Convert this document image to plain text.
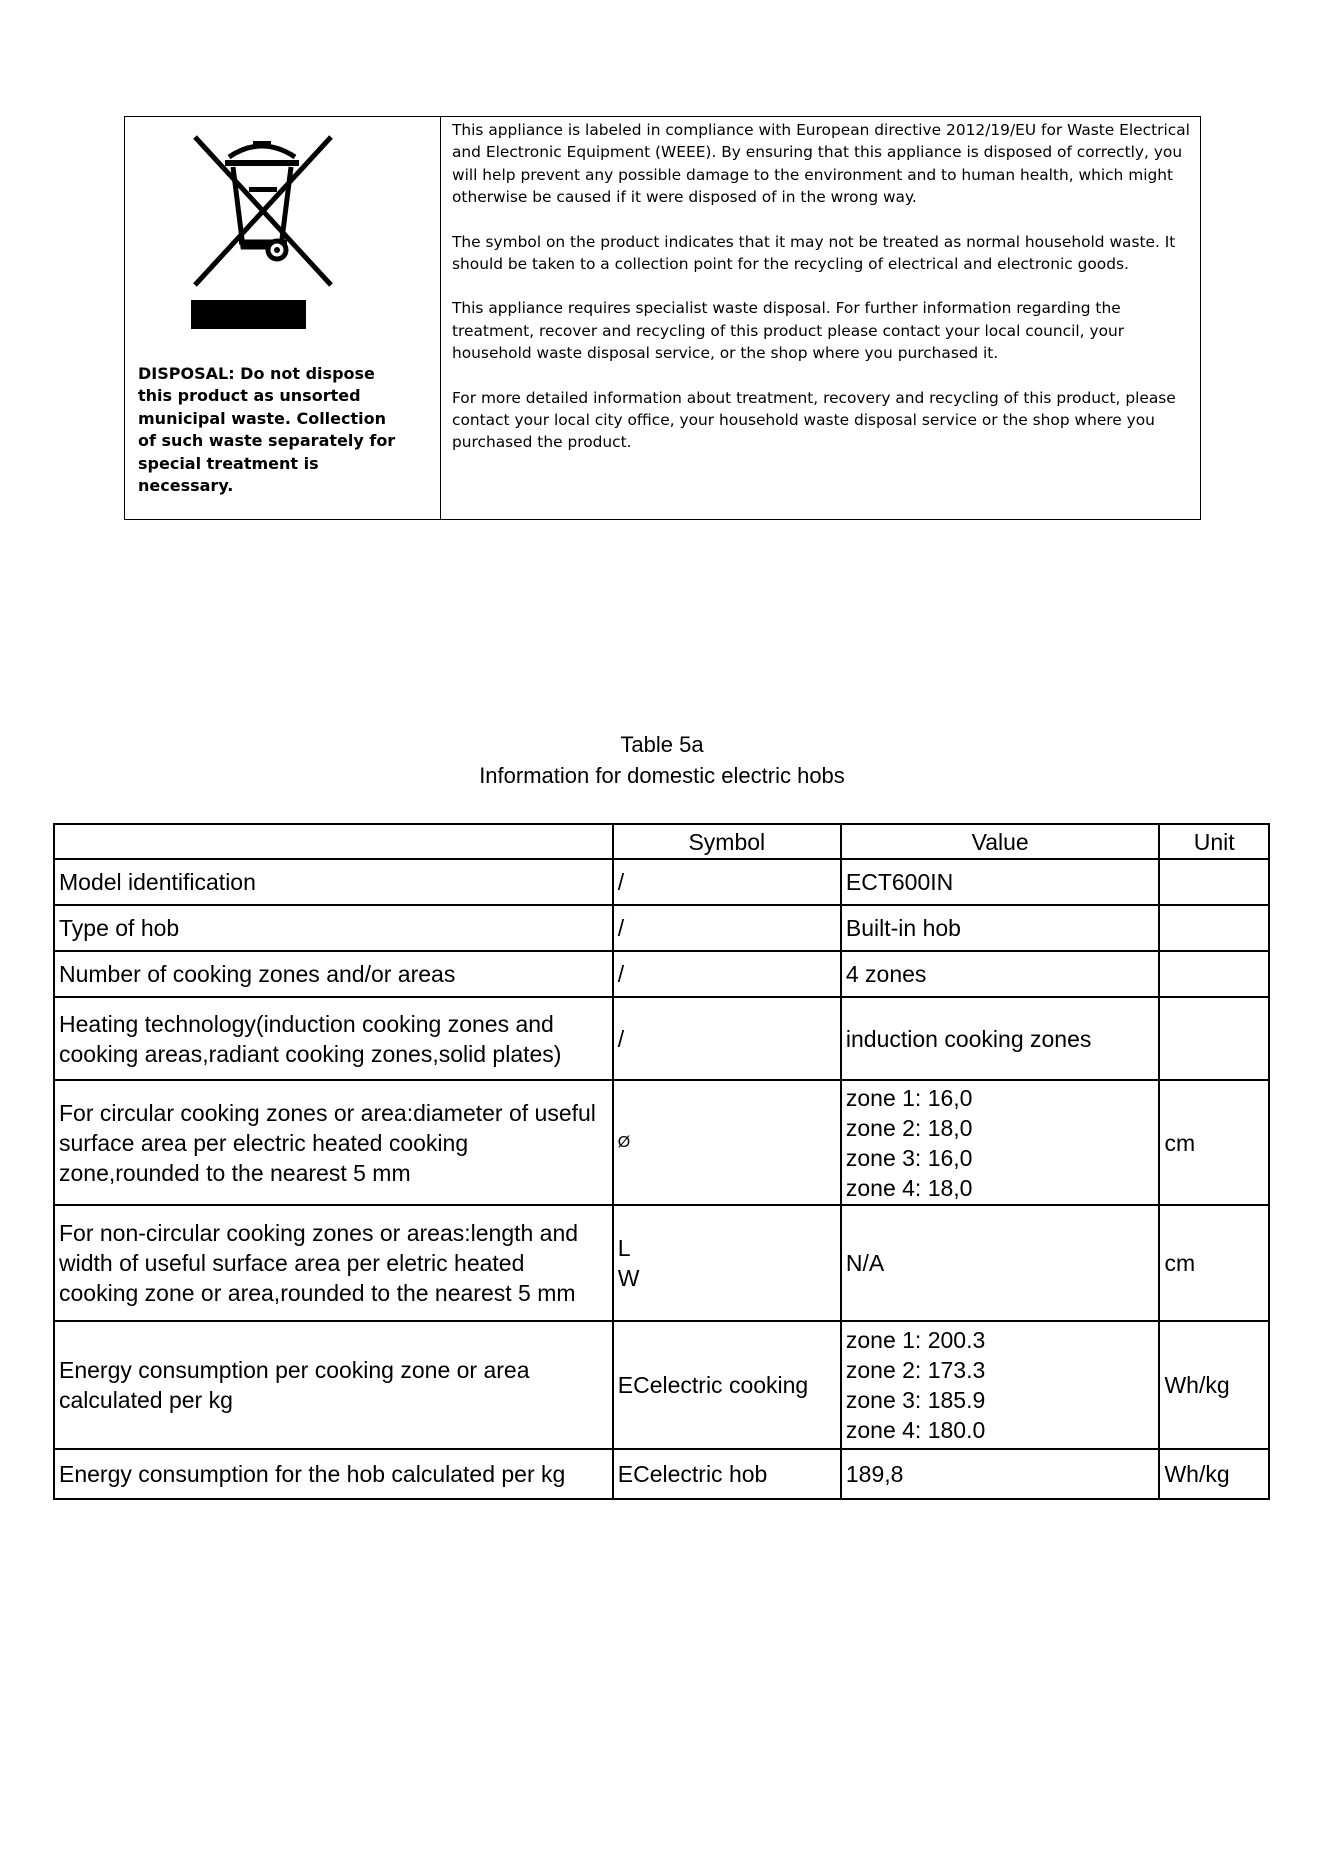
DISPOSAL: Do not dispose this product as unsorted municipal waste. Collection of such waste separately for special treatment is necessary.

This appliance is labeled in compliance with European directive 2012/19/EU for Waste Electrical and Electronic Equipment (WEEE). By ensuring that this appliance is disposed of correctly, you will help prevent any possible damage to the environment and to human health, which might otherwise be caused if it were disposed of in the wrong way.

The symbol on the product indicates that it may not be treated as normal household waste. It should be taken to a collection point for the recycling of electrical and electronic goods.

This appliance requires specialist waste disposal. For further information regarding the treatment, recover and recycling of this product please contact your local council, your household waste disposal service, or the shop where you purchased it.

For more detailed information about treatment, recovery and recycling of this product, please contact your local city office, your household waste disposal service or the shop where you purchased the product.

Table 5a

Information for domestic electric hobs

	Symbol	Value	Unit
Model identification	/	ECT600IN	
Type of hob	/	Built-in hob	
Number of cooking zones and/or areas	/	4 zones	
Heating technology(induction cooking zones and cooking areas,radiant cooking zones,solid plates)	/	induction cooking zones	
For circular cooking zones or area:diameter of useful surface area per electric heated cooking zone,rounded to the nearest 5 mm	Ø	zone 1: 16,0
zone 2: 18,0
zone 3: 16,0
zone 4: 18,0	cm
For non-circular cooking zones or areas:length and width of useful surface area per eletric heated cooking zone or area,rounded to the nearest 5 mm	L
W	N/A	cm
Energy consumption per cooking zone or area calculated per kg	ECelectric cooking	zone 1: 200.3
zone 2: 173.3
zone 3: 185.9
zone 4: 180.0	Wh/kg
Energy consumption for the hob calculated per kg	ECelectric hob	189,8	Wh/kg
